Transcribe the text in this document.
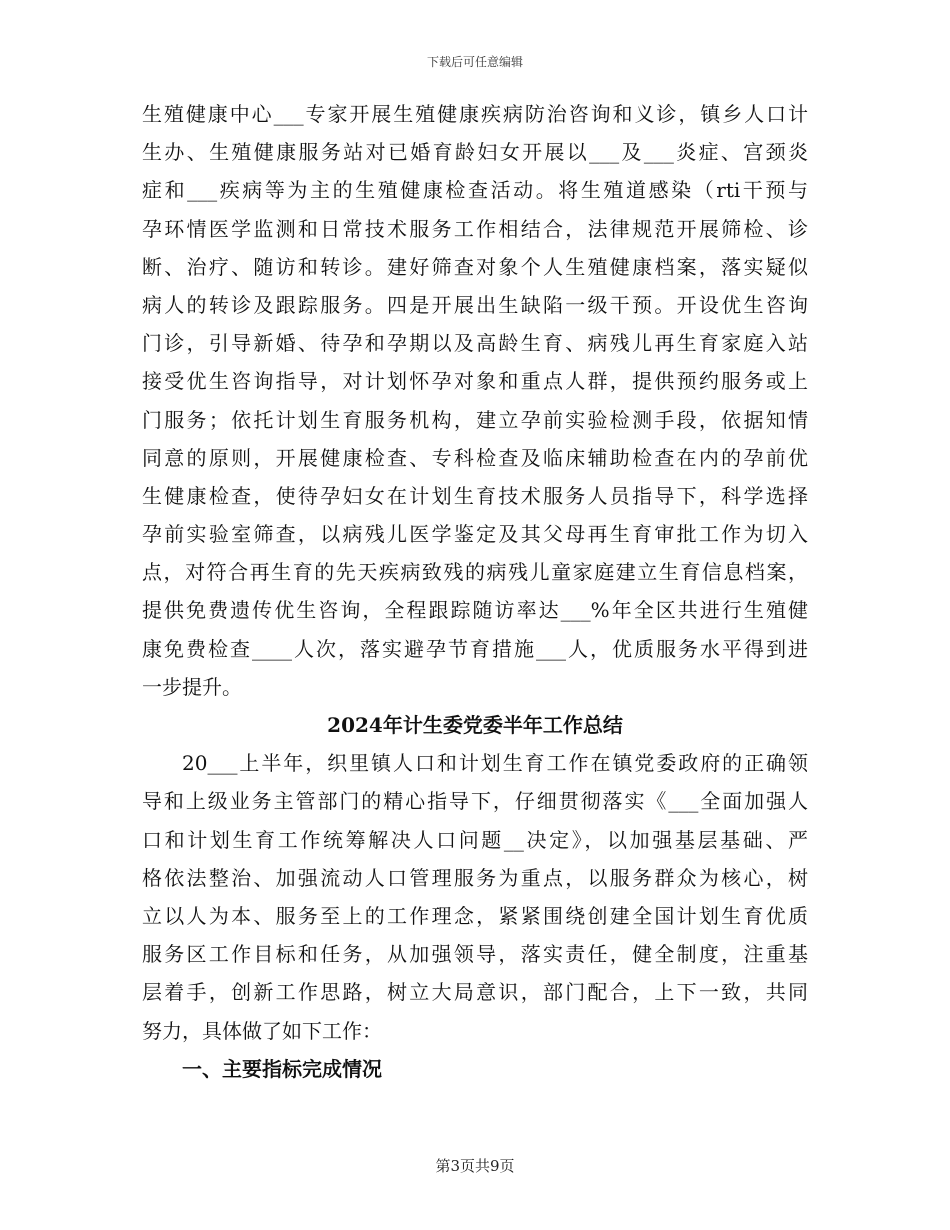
下载后可任意编辑
生殖健康中心___专家开展生殖健康疾病防治咨询和义诊，镇乡人口计
生办、生殖健康服务站对已婚育龄妇女开展以___及___炎症、宫颈炎
症和___疾病等为主的生殖健康检查活动。将生殖道感染（rti干预与
孕环情医学监测和日常技术服务工作相结合，法律规范开展筛检、诊
断、治疗、随访和转诊。建好筛查对象个人生殖健康档案，落实疑似
病人的转诊及跟踪服务。四是开展出生缺陷一级干预。开设优生咨询
门诊，引导新婚、待孕和孕期以及高龄生育、病残儿再生育家庭入站
接受优生咨询指导，对计划怀孕对象和重点人群，提供预约服务或上
门服务；依托计划生育服务机构，建立孕前实验检测手段，依据知情
同意的原则，开展健康检查、专科检查及临床辅助检查在内的孕前优
生健康检查，使待孕妇女在计划生育技术服务人员指导下，科学选择
孕前实验室筛查，以病残儿医学鉴定及其父母再生育审批工作为切入
点，对符合再生育的先天疾病致残的病残儿童家庭建立生育信息档案，
提供免费遗传优生咨询，全程跟踪随访率达___%年全区共进行生殖健
康免费检查____人次，落实避孕节育措施___人，优质服务水平得到进
一步提升。
2024年计生委党委半年工作总结
20___上半年，织里镇人口和计划生育工作在镇党委政府的正确领
导和上级业务主管部门的精心指导下，仔细贯彻落实《___全面加强人
口和计划生育工作统筹解决人口问题__决定》，以加强基层基础、严
格依法整治、加强流动人口管理服务为重点，以服务群众为核心，树
立以人为本、服务至上的工作理念，紧紧围绕创建全国计划生育优质
服务区工作目标和任务，从加强领导，落实责任，健全制度，注重基
层着手，创新工作思路，树立大局意识，部门配合，上下一致，共同
努力，具体做了如下工作：
一、主要指标完成情况
第3页共9页
